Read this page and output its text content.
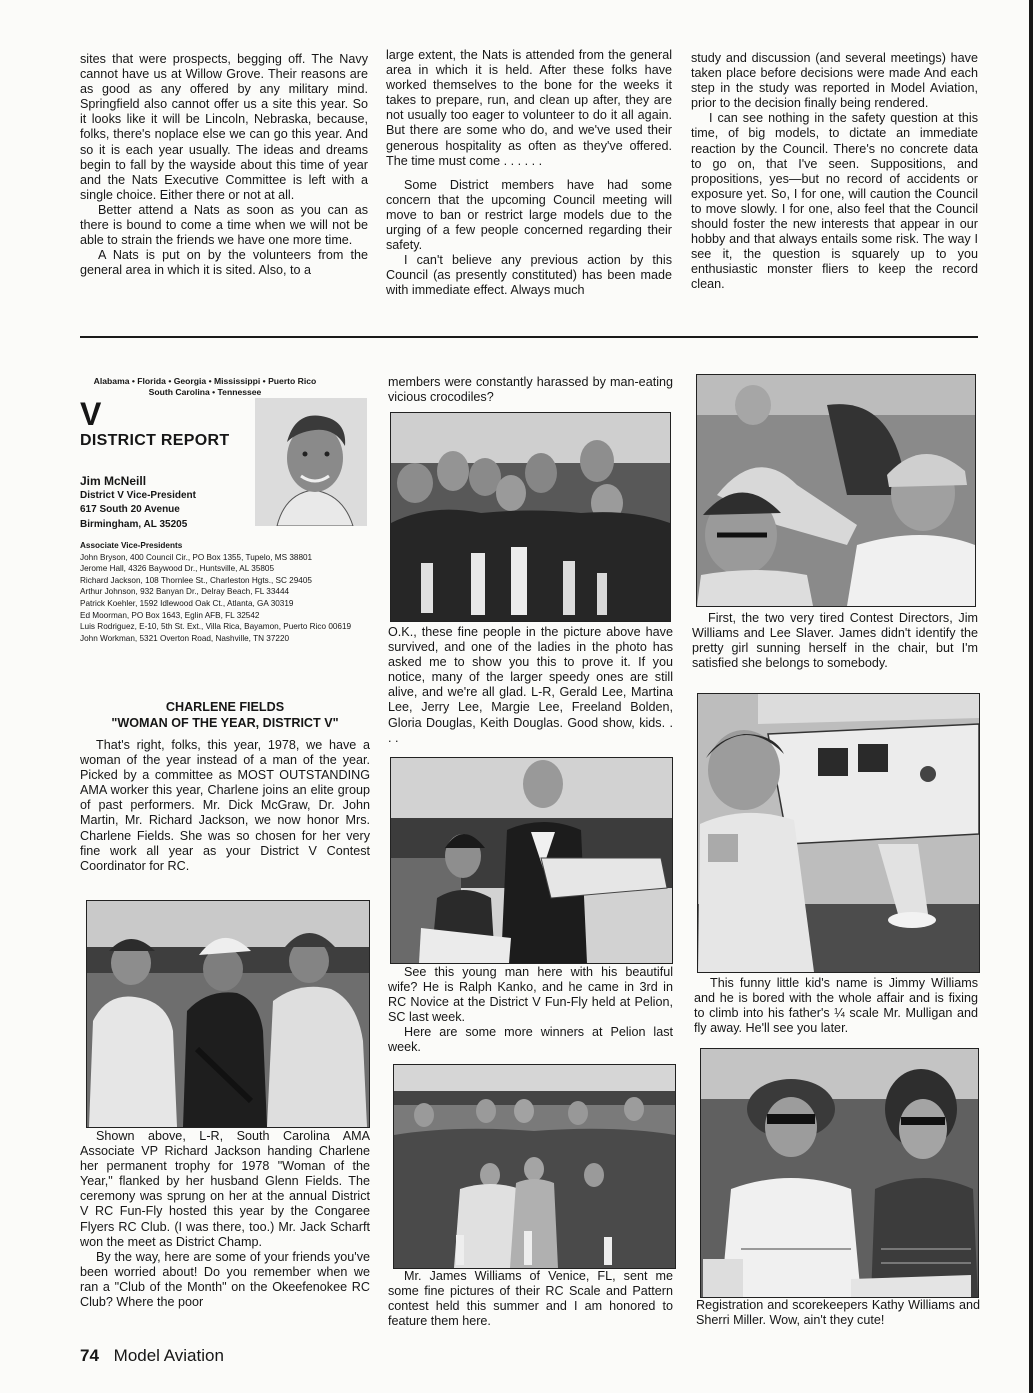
sites that were prospects, begging off. The Navy cannot have us at Willow Grove. Their reasons are as good as any offered by any military mind. Springfield also cannot offer us a site this year. So it looks like it will be Lincoln, Nebraska, because, folks, there's noplace else we can go this year. And so it is each year usually. The ideas and dreams begin to fall by the wayside about this time of year and the Nats Executive Committee is left with a single choice. Either there or not at all.

Better attend a Nats as soon as you can as there is bound to come a time when we will not be able to strain the friends we have one more time.

A Nats is put on by the volunteers from the general area in which it is sited. Also, to a

large extent, the Nats is attended from the general area in which it is held. After these folks have worked themselves to the bone for the weeks it takes to prepare, run, and clean up after, they are not usually too eager to volunteer to do it all again. But there are some who do, and we've used their generous hospitality as often as they've offered. The time must come . . . . . .

Some District members have had some concern that the upcoming Council meeting will move to ban or restrict large models due to the urging of a few people concerned regarding their safety.

I can't believe any previous action by this Council (as presently constituted) has been made with immediate effect. Always much

study and discussion (and several meetings) have taken place before decisions were made And each step in the study was reported in Model Aviation, prior to the decision finally being rendered.

I can see nothing in the safety question at this time, of big models, to dictate an immediate reaction by the Council. There's no concrete data to go on, that I've seen. Suppositions, and propositions, yes—but no record of accidents or exposure yet. So, I for one, will caution the Council to move slowly. I for one, also feel that the Council should foster the new interests that appear in our hobby and that always entails some risk. The way I see it, the question is squarely up to you enthusiastic monster fliers to keep the record clean.

Alabama • Florida • Georgia • Mississippi • Puerto Rico
South Carolina • Tennessee
V
DISTRICT REPORT
Jim McNeill
District V Vice-President
617 South 20 Avenue
Birmingham, AL 35205
Associate Vice-Presidents
John Bryson, 400 Council Cir., PO Box 1355, Tupelo, MS 38801
Jerome Hall, 4326 Baywood Dr., Huntsville, AL 35805
Richard Jackson, 108 Thornlee St., Charleston Hgts., SC 29405
Arthur Johnson, 932 Banyan Dr., Delray Beach, FL 33444
Patrick Koehler, 1592 Idlewood Oak Ct., Atlanta, GA 30319
Ed Moorman, PO Box 1643, Eglin AFB, FL 32542
Luis Rodriguez, E-10, 5th St. Ext., Villa Rica, Bayamon, Puerto Rico 00619
John Workman, 5321 Overton Road, Nashville, TN 37220
CHARLENE FIELDS
"WOMAN OF THE YEAR, DISTRICT V"

That's right, folks, this year, 1978, we have a woman of the year instead of a man of the year. Picked by a committee as MOST OUTSTANDING AMA worker this year, Charlene joins an elite group of past performers. Mr. Dick McGraw, Dr. John Martin, Mr. Richard Jackson, we now honor Mrs. Charlene Fields. She was so chosen for her very fine work all year as your District V Contest Coordinator for RC.

Shown above, L-R, South Carolina AMA Associate VP Richard Jackson handing Charlene her permanent trophy for 1978 "Woman of the Year," flanked by her husband Glenn Fields. The ceremony was sprung on her at the annual District V RC Fun-Fly hosted this year by the Congaree Flyers RC Club. (I was there, too.) Mr. Jack Scharft won the meet as District Champ.

By the way, here are some of your friends you've been worried about! Do you remember when we ran a "Club of the Month" on the Okeefenokee RC Club? Where the poor

members were constantly harassed by man-eating vicious crocodiles?

O.K., these fine people in the picture above have survived, and one of the ladies in the photo has asked me to show you this to prove it. If you notice, many of the larger speedy ones are still alive, and we're all glad. L-R, Gerald Lee, Martina Lee, Jerry Lee, Margie Lee, Freeland Bolden, Gloria Douglas, Keith Douglas. Good show, kids. . . .

See this young man here with his beautiful wife? He is Ralph Kanko, and he came in 3rd in RC Novice at the District V Fun-Fly held at Pelion, SC last week.

Here are some more winners at Pelion last week.

Mr. James Williams of Venice, FL, sent me some fine pictures of their RC Scale and Pattern contest held this summer and I am honored to feature them here.

First, the two very tired Contest Directors, Jim Williams and Lee Slaver. James didn't identify the pretty girl sunning herself in the chair, but I'm satisfied she belongs to somebody.

This funny little kid's name is Jimmy Williams and he is bored with the whole affair and is fixing to climb into his father's ¼ scale Mr. Mulligan and fly away. He'll see you later.

Registration and scorekeepers Kathy Williams and Sherri Miller. Wow, ain't they cute!

74 Model Aviation
